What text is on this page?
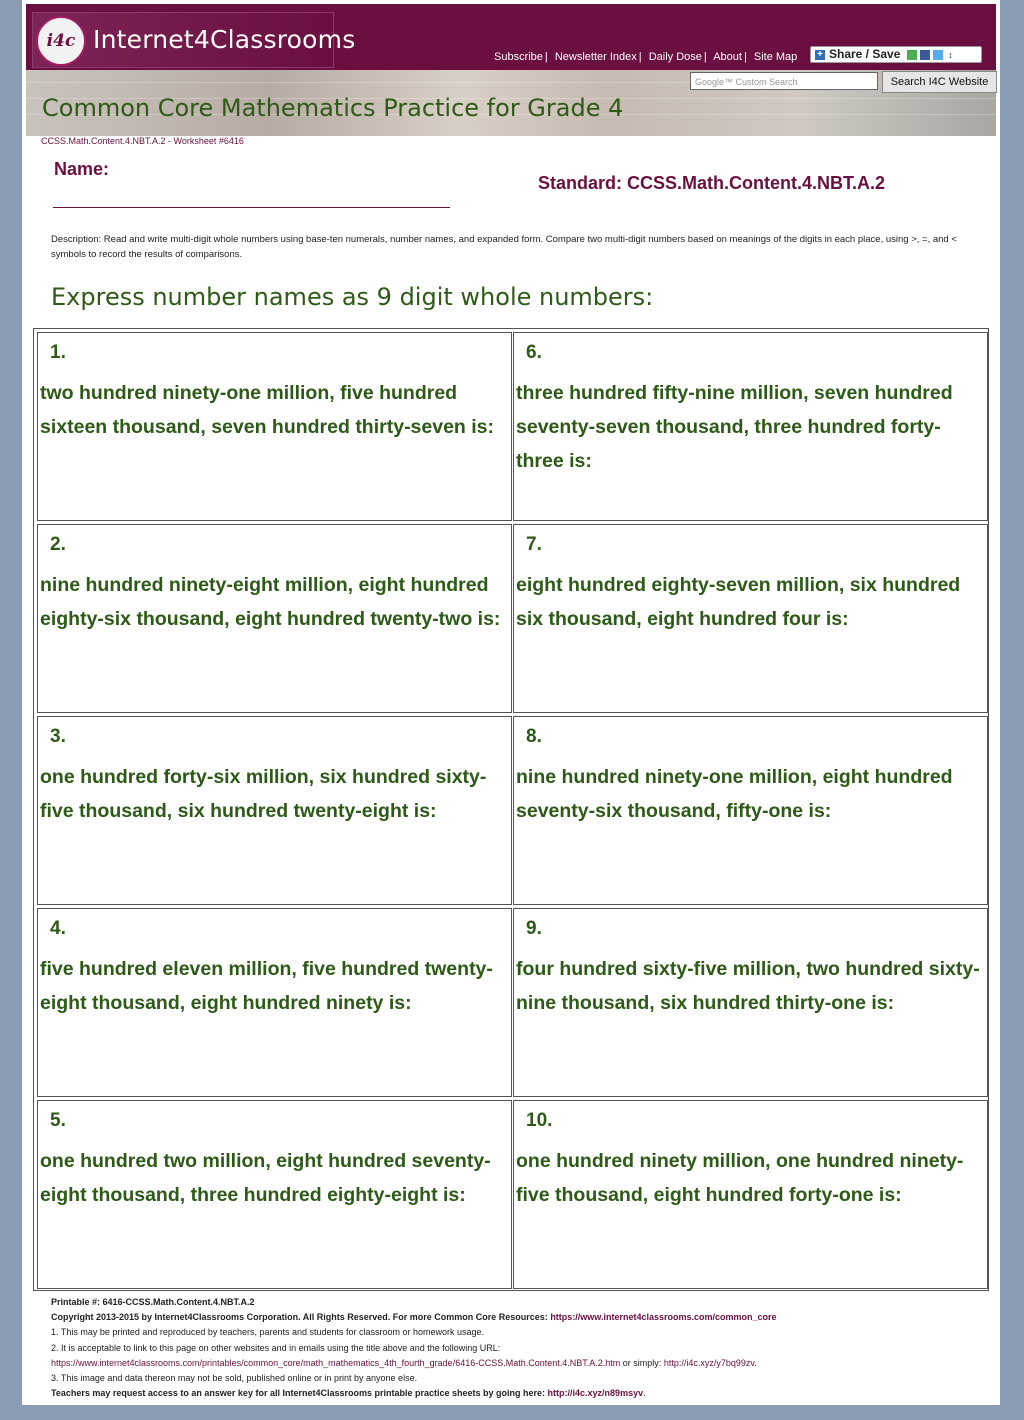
i4c Internet4Classrooms
Subscribe | Newsletter Index | Daily Dose | About | Site Map	+ Share / Save	↕
Google™ Custom Search	Search I4C Website
Common Core Mathematics Practice for Grade 4
CCSS.Math.Content.4.NBT.A.2 - Worksheet #6416
Name:
Standard: CCSS.Math.Content.4.NBT.A.2
Description: Read and write multi-digit whole numbers using base-ten numerals, number names, and expanded form. Compare two multi-digit numbers based on meanings of the digits in each place, using >, =, and < symbols to record the results of comparisons.
Express number names as 9 digit whole numbers:
1.
two hundred ninety-one million, five hundred sixteen thousand, seven hundred thirty-seven is:
2.
nine hundred ninety-eight million, eight hundred eighty-six thousand, eight hundred twenty-two is:
3.
one hundred forty-six million, six hundred sixty-five thousand, six hundred twenty-eight is:
4.
five hundred eleven million, five hundred twenty-eight thousand, eight hundred ninety is:
5.
one hundred two million, eight hundred seventy-eight thousand, three hundred eighty-eight is:
6.
three hundred fifty-nine million, seven hundred seventy-seven thousand, three hundred forty-three is:
7.
eight hundred eighty-seven million, six hundred six thousand, eight hundred four is:
8.
nine hundred ninety-one million, eight hundred seventy-six thousand, fifty-one is:
9.
four hundred sixty-five million, two hundred sixty-nine thousand, six hundred thirty-one is:
10.
one hundred ninety million, one hundred ninety-five thousand, eight hundred forty-one is:
Printable #: 6416-CCSS.Math.Content.4.NBT.A.2
Copyright 2013-2015 by Internet4Classrooms Corporation. All Rights Reserved. For more Common Core Resources: https://www.internet4classrooms.com/common_core
1. This may be printed and reproduced by teachers, parents and students for classroom or homework usage.
2. It is acceptable to link to this page on other websites and in emails using the title above and the following URL:
https://www.internet4classrooms.com/printables/common_core/math_mathematics_4th_fourth_grade/6416-CCSS.Math.Content.4.NBT.A.2.htm or simply: http://i4c.xyz/y7bq99zv.
3. This image and data thereon may not be sold, published online or in print by anyone else.
Teachers may request access to an answer key for all Internet4Classrooms printable practice sheets by going here: http://i4c.xyz/n89msyv.
